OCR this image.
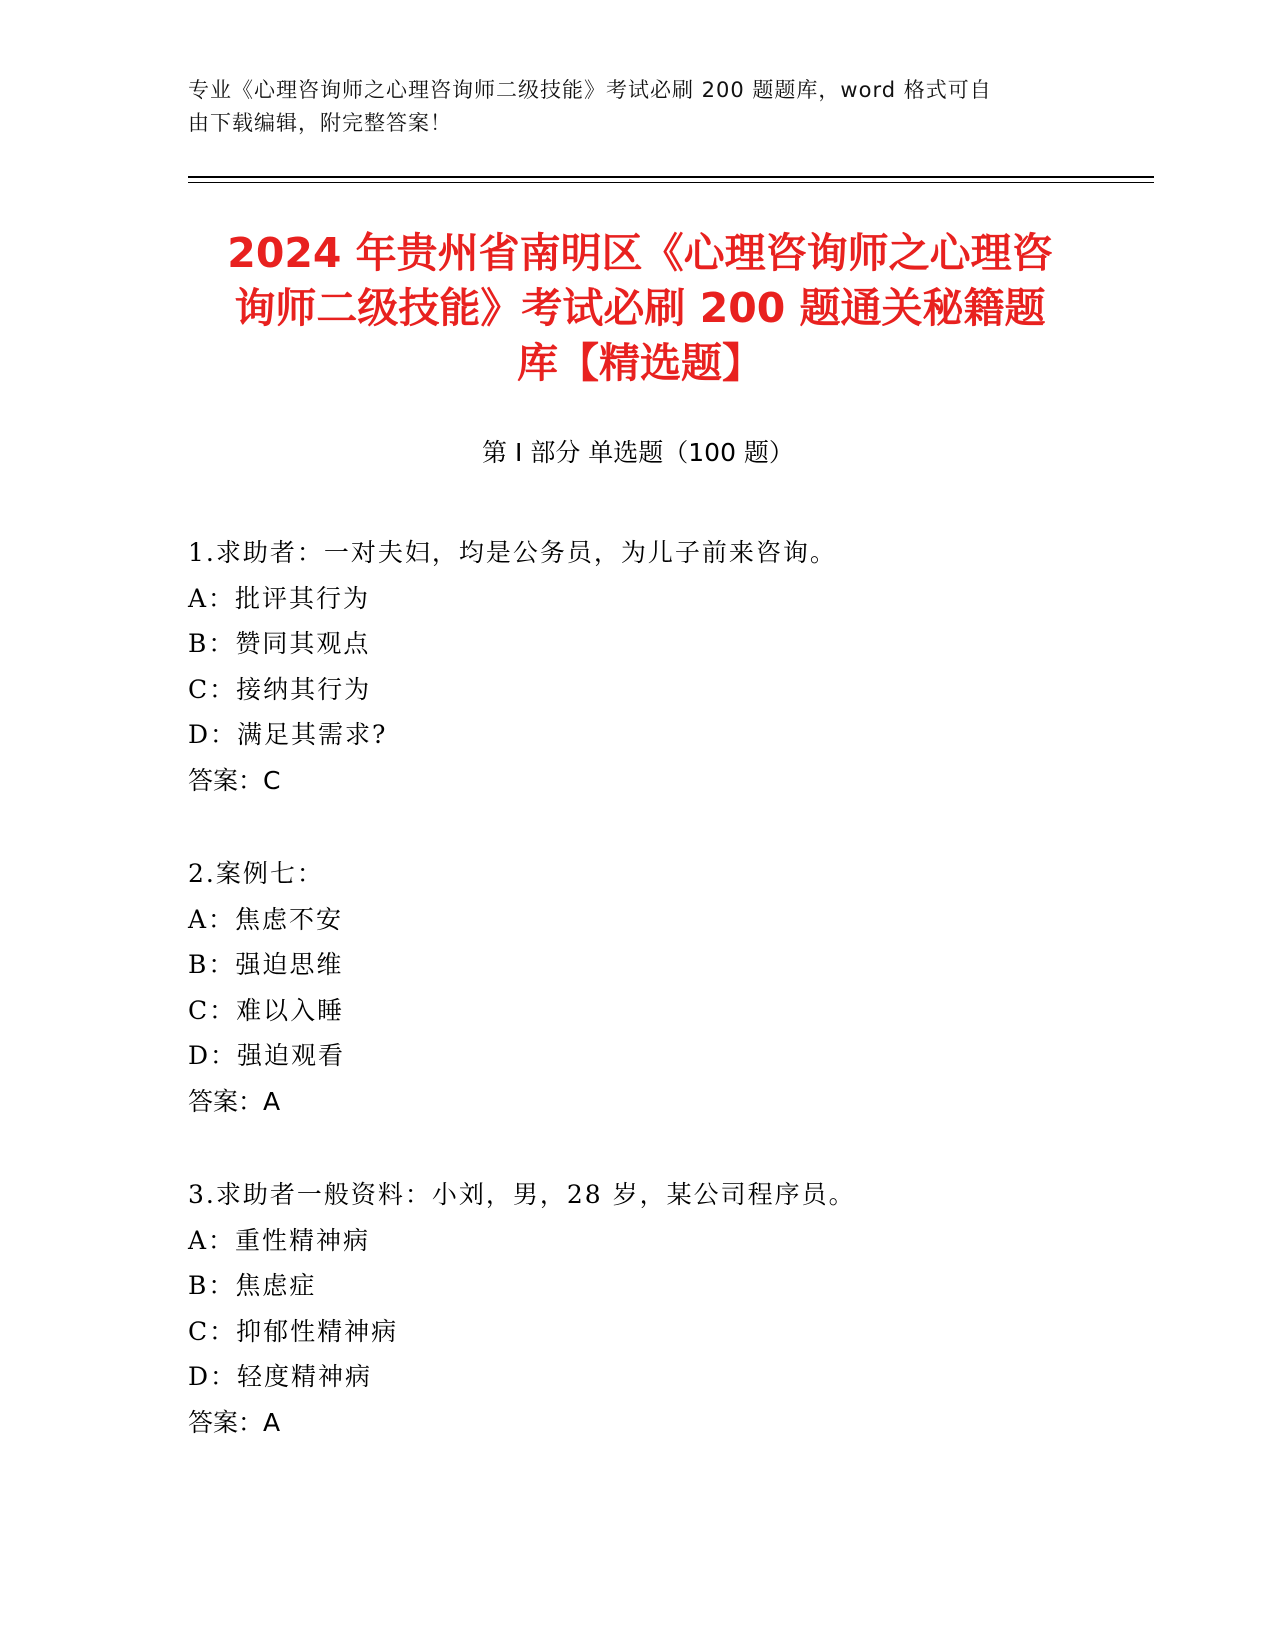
专业《心理咨询师之心理咨询师二级技能》考试必刷 200 题题库，word 格式可自
由下载编辑，附完整答案！
2024 年贵州省南明区《心理咨询师之心理咨
询师二级技能》考试必刷 200 题通关秘籍题
库【精选题】
第 I 部分 单选题（100 题）
1.求助者：一对夫妇，均是公务员，为儿子前来咨询。
A：批评其行为
B：赞同其观点
C：接纳其行为
D：满足其需求?
答案：C
2.案例七：
A：焦虑不安
B：强迫思维
C：难以入睡
D：强迫观看
答案：A
3.求助者一般资料：小刘，男，28 岁，某公司程序员。
A：重性精神病
B：焦虑症
C：抑郁性精神病
D：轻度精神病
答案：A
